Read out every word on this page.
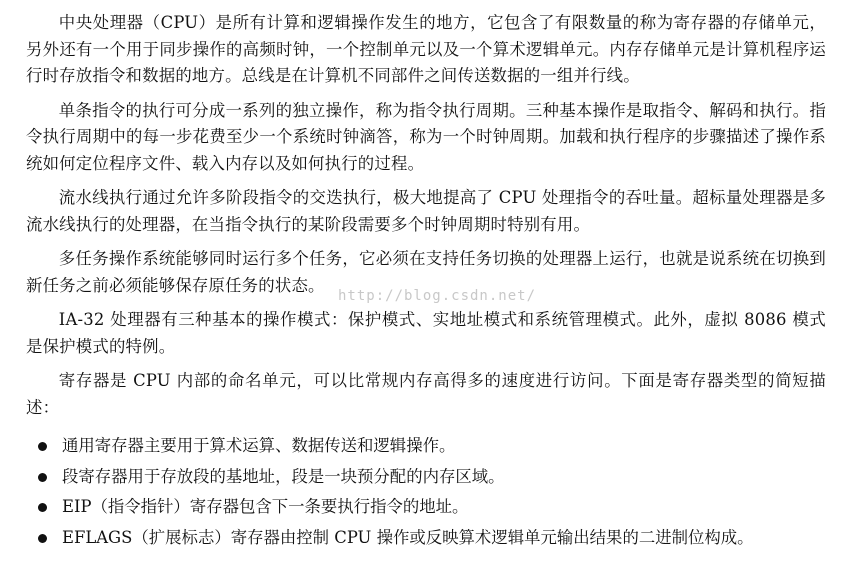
中央处理器（CPU）是所有计算和逻辑操作发生的地方，它包含了有限数量的称为寄存器的存储单元，另外还有一个用于同步操作的高频时钟，一个控制单元以及一个算术逻辑单元。内存存储单元是计算机程序运行时存放指令和数据的地方。总线是在计算机不同部件之间传送数据的一组并行线。

单条指令的执行可分成一系列的独立操作，称为指令执行周期。三种基本操作是取指令、解码和执行。指令执行周期中的每一步花费至少一个系统时钟滴答，称为一个时钟周期。加载和执行程序的步骤描述了操作系统如何定位程序文件、载入内存以及如何执行的过程。

流水线执行通过允许多阶段指令的交迭执行，极大地提高了 CPU 处理指令的吞吐量。超标量处理器是多流水线执行的处理器，在当指令执行的某阶段需要多个时钟周期时特别有用。

多任务操作系统能够同时运行多个任务，它必须在支持任务切换的处理器上运行，也就是说系统在切换到新任务之前必须能够保存原任务的状态。

IA-32 处理器有三种基本的操作模式：保护模式、实地址模式和系统管理模式。此外，虚拟 8086 模式是保护模式的特例。

寄存器是 CPU 内部的命名单元，可以比常规内存高得多的速度进行访问。下面是寄存器类型的简短描述：

通用寄存器主要用于算术运算、数据传送和逻辑操作。
段寄存器用于存放段的基地址，段是一块预分配的内存区域。
EIP（指令指针）寄存器包含下一条要执行指令的地址。
EFLAGS（扩展标志）寄存器由控制 CPU 操作或反映算术逻辑单元输出结果的二进制位构成。
http://blog.csdn.net/
